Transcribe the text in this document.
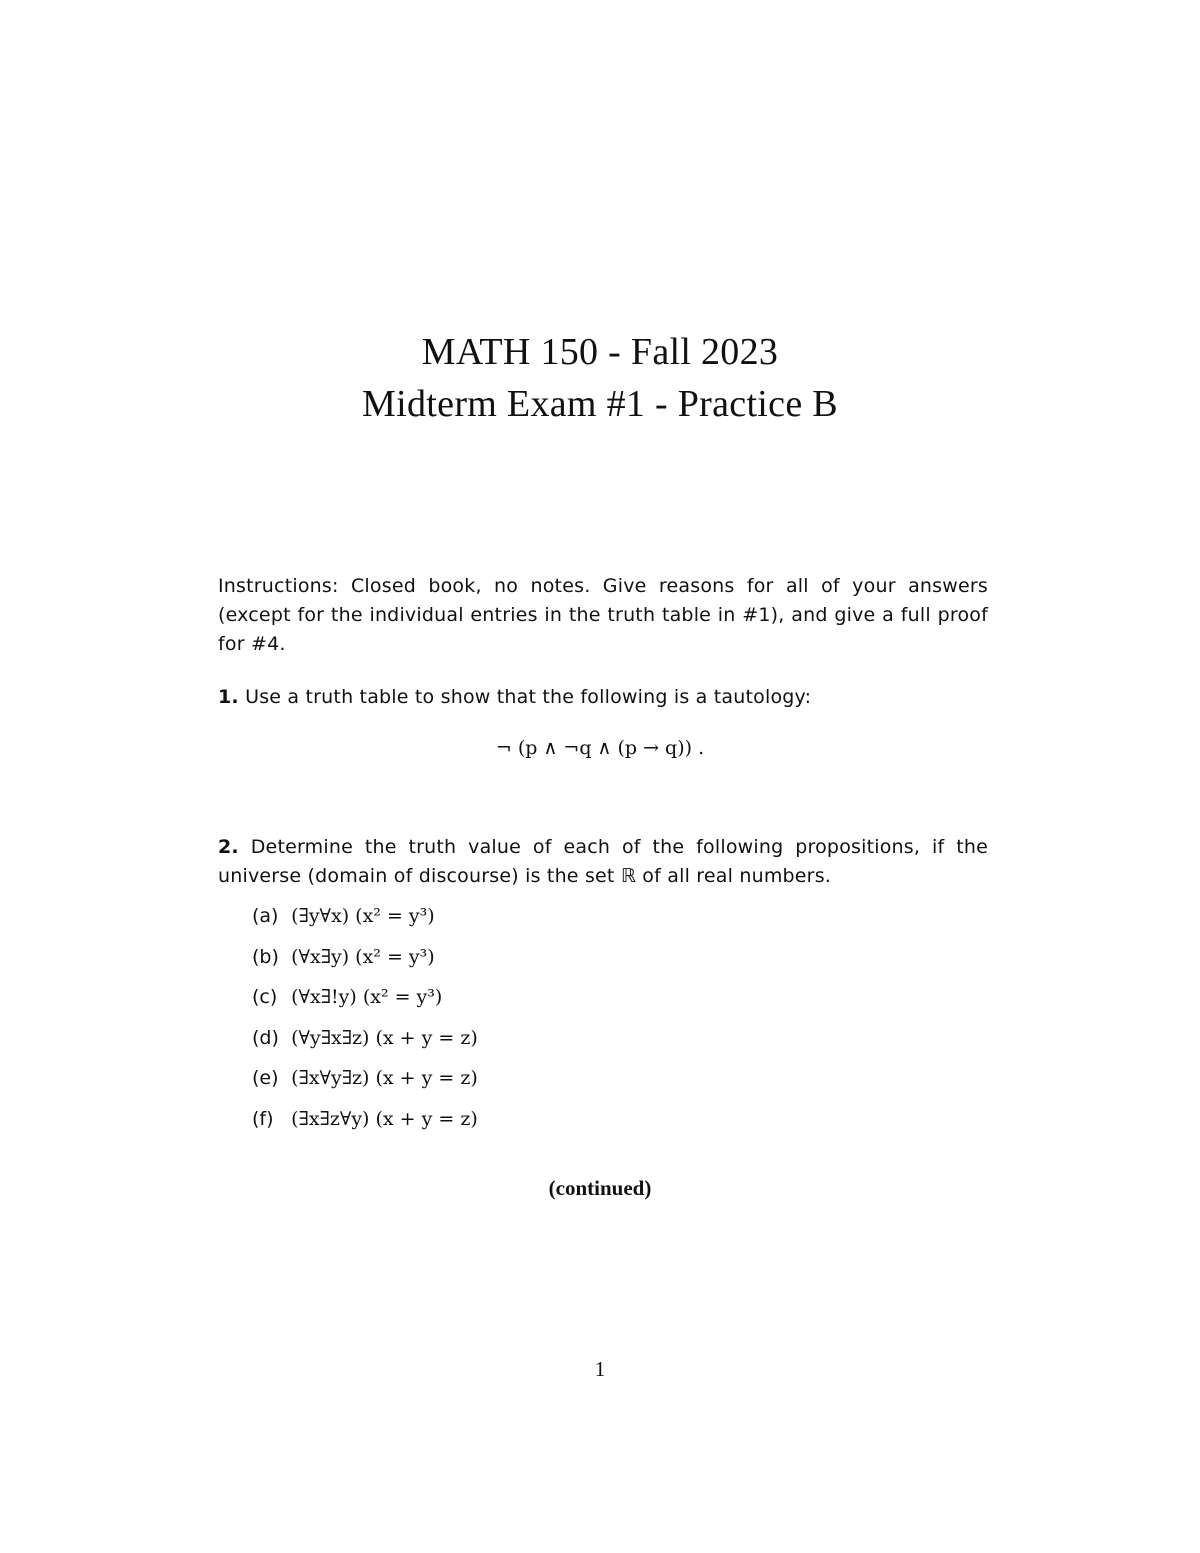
MATH 150 - Fall 2023
Midterm Exam #1 - Practice B
Instructions: Closed book, no notes. Give reasons for all of your answers (except for the individual entries in the truth table in #1), and give a full proof for #4.
1. Use a truth table to show that the following is a tautology:
¬ (p ∧ ¬q ∧ (p → q)) .
2. Determine the truth value of each of the following propositions, if the universe (domain of discourse) is the set ℝ of all real numbers.
(a) (∃y∀x) (x² = y³)
(b) (∀x∃y) (x² = y³)
(c) (∀x∃!y) (x² = y³)
(d) (∀y∃x∃z) (x + y = z)
(e) (∃x∀y∃z) (x + y = z)
(f) (∃x∃z∀y) (x + y = z)
(continued)
1
